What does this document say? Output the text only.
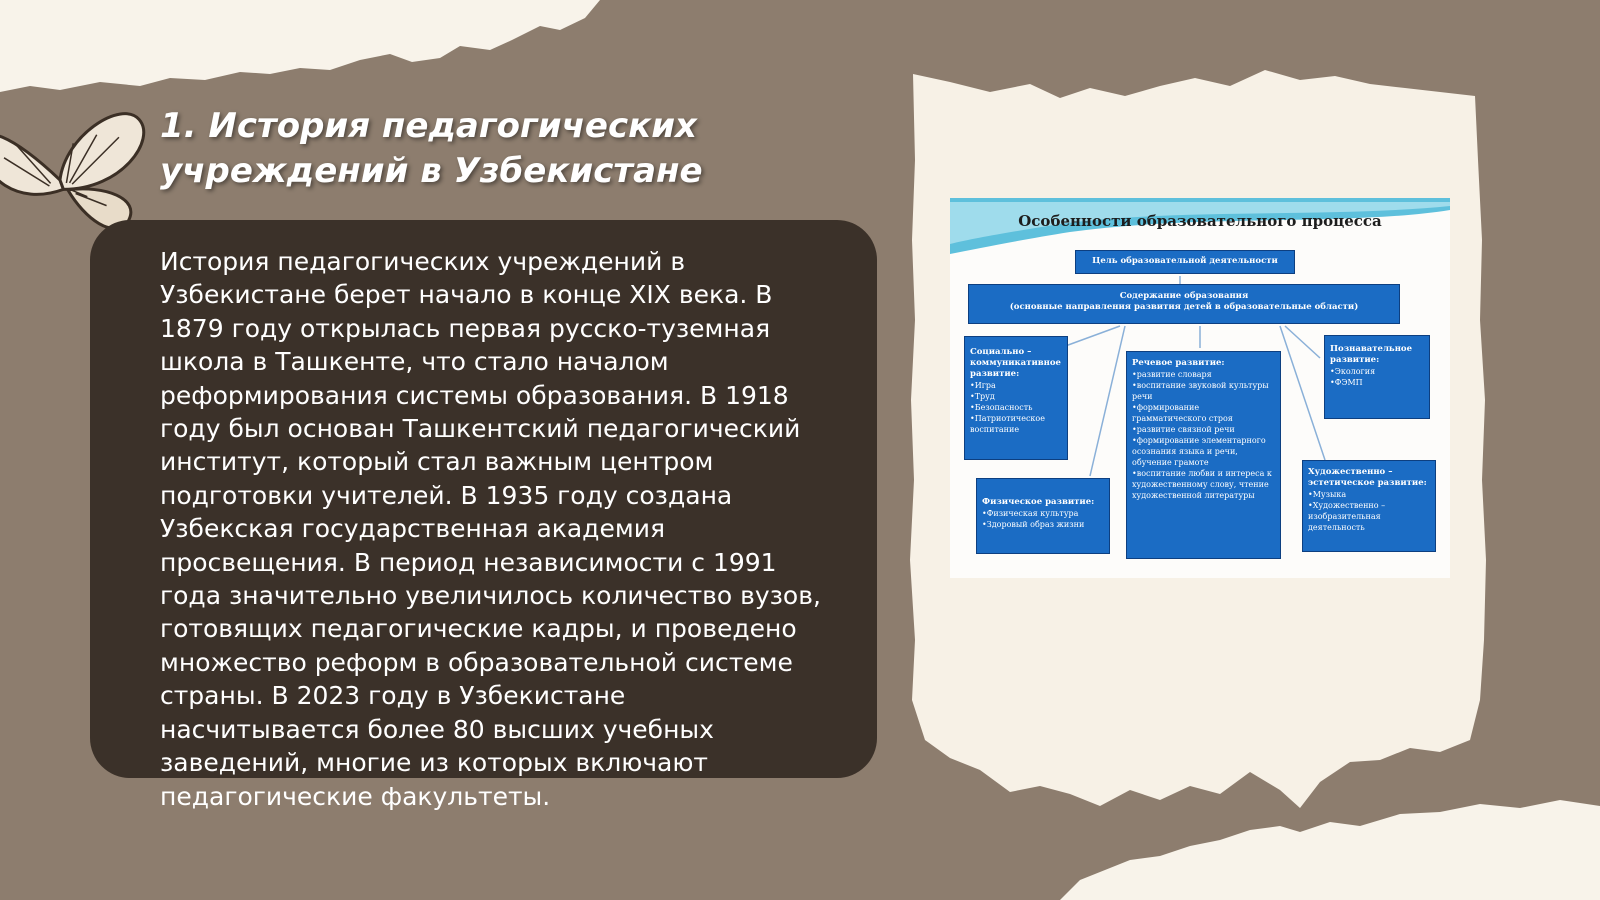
1. История педагогических учреждений в Узбекистане

История педагогических учреждений в Узбекистане берет начало в конце XIX века. В 1879 году открылась первая русско-туземная школа в Ташкенте, что стало началом реформирования системы образования. В 1918 году был основан Ташкентский педагогический институт, который стал важным центром подготовки учителей. В 1935 году создана Узбекская государственная академия просвещения. В период независимости с 1991 года значительно увеличилось количество вузов, готовящих педагогические кадры, и проведено множество реформ в образовательной системе страны. В 2023 году в Узбекистане насчитывается более 80 высших учебных заведений, многие из которых включают педагогические факультеты.

Особенности образовательного процесса
Цель образовательной деятельности
Содержание образования
(основные направления развития детей в образовательные области)
Социально – коммуникативное развитие:
•Игра
•Труд
•Безопасность
•Патриотическое воспитание
Речевое развитие:
•развитие словаря
•воспитание звуковой культуры речи
•формирование грамматического строя
•развитие связной речи
•формирование элементарного осознания языка и речи, обучение грамоте
•воспитание любви и интереса к художественному слову, чтение художественной литературы
Познавательное развитие:
•Экология
•ФЭМП
Физическое развитие:
•Физическая культура
•Здоровый образ жизни
Художественно – эстетическое развитие:
•Музыка
•Художественно – изобразительная деятельность
